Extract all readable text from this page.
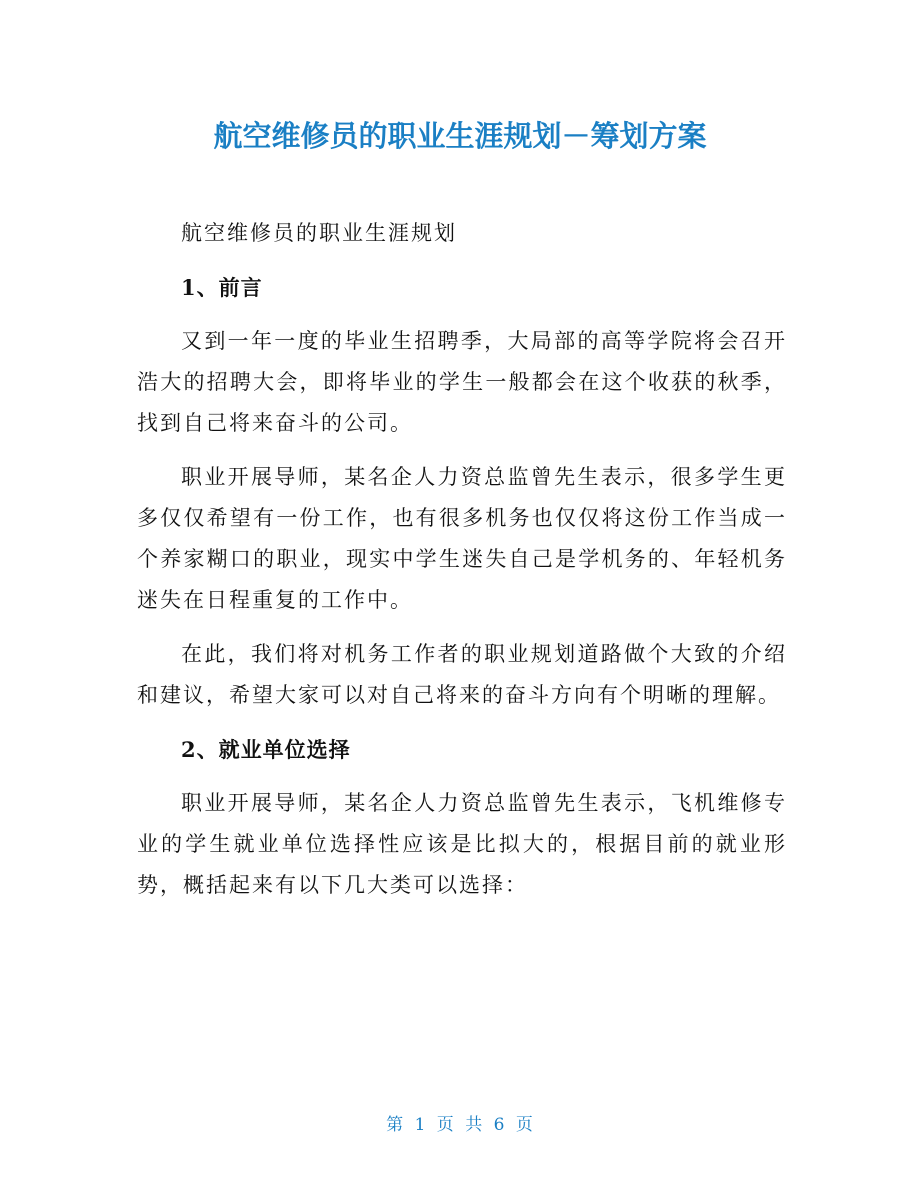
航空维修员的职业生涯规划－筹划方案

航空维修员的职业生涯规划

1、前言

又到一年一度的毕业生招聘季，大局部的高等学院将会召开浩大的招聘大会，即将毕业的学生一般都会在这个收获的秋季，找到自己将来奋斗的公司。

职业开展导师，某名企人力资总监曾先生表示，很多学生更多仅仅希望有一份工作，也有很多机务也仅仅将这份工作当成一个养家糊口的职业，现实中学生迷失自己是学机务的、年轻机务迷失在日程重复的工作中。

在此，我们将对机务工作者的职业规划道路做个大致的介绍和建议，希望大家可以对自己将来的奋斗方向有个明晰的理解。

2、就业单位选择

职业开展导师，某名企人力资总监曾先生表示，飞机维修专业的学生就业单位选择性应该是比拟大的，根据目前的就业形势，概括起来有以下几大类可以选择：

第 1 页 共 6 页
